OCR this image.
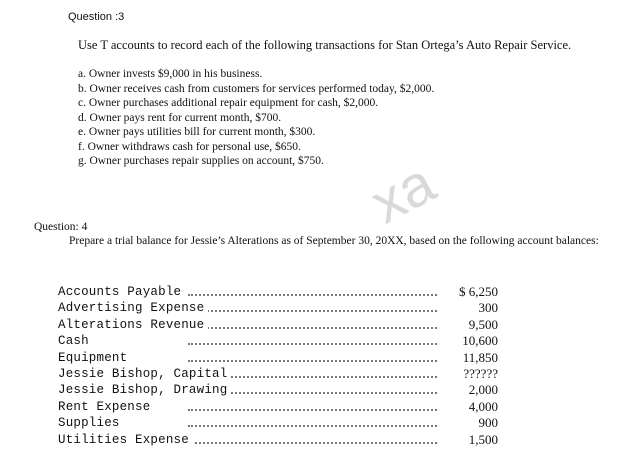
Question :3
Use T accounts to record each of the following transactions for Stan Ortega’s Auto Repair Service.
a. Owner invests $9,000 in his business.
b. Owner receives cash from customers for services performed today, $2,000.
c. Owner purchases additional repair equipment for cash, $2,000.
d. Owner pays rent for current month, $700.
e. Owner pays utilities bill for current month, $300.
f. Owner withdraws cash for personal use, $650.
g. Owner purchases repair supplies on account, $750. xa
Question: 4
Prepare a trial balance for Jessie’s Alterations as of September 30, 20XX, based on the following account balances:
Accounts Payable	$ 6,250
Advertising Expense	300
Alterations Revenue	9,500
Cash	10,600
Equipment	11,850
Jessie Bishop, Capital	??????
Jessie Bishop, Drawing	2,000
Rent Expense	4,000
Supplies	900
Utilities Expense	1,500
